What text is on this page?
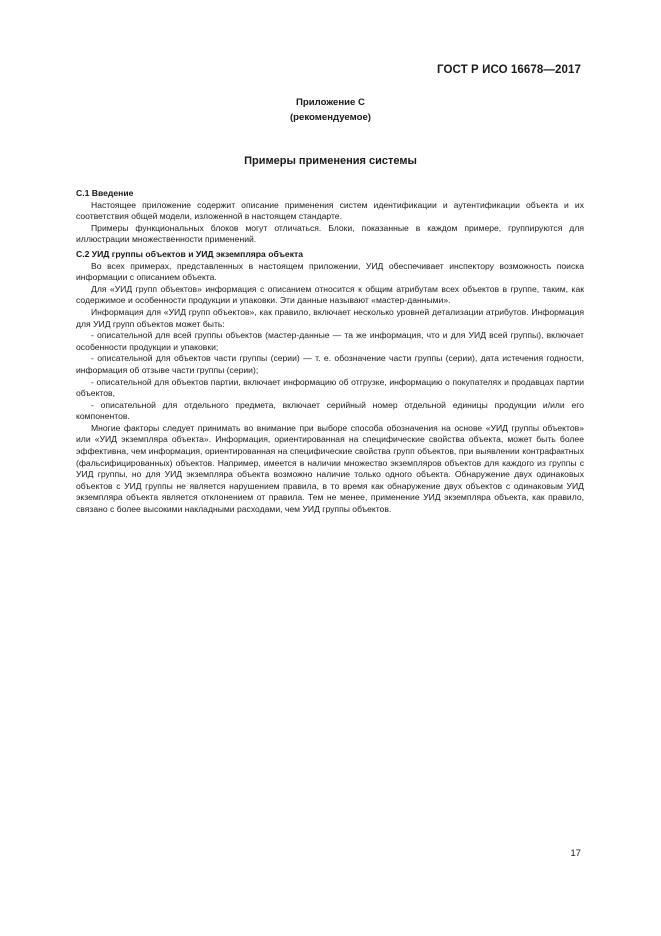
ГОСТ Р ИСО 16678—2017
Приложение С
(рекомендуемое)
Примеры применения системы
С.1 Введение

Настоящее приложение содержит описание применения систем идентификации и аутентификации объекта и их соответствия общей модели, изложенной в настоящем стандарте.

Примеры функциональных блоков могут отличаться. Блоки, показанные в каждом примере, группируются для иллюстрации множественности применений.

С.2 УИД группы объектов и УИД экземпляра объекта

Во всех примерах, представленных в настоящем приложении, УИД обеспечивает инспектору возможность поиска информации с описанием объекта.

Для «УИД групп объектов» информация с описанием относится к общим атрибутам всех объектов в группе, таким, как содержимое и особенности продукции и упаковки. Эти данные называют «мастер-данными».

Информация для «УИД групп объектов», как правило, включает несколько уровней детализации атрибутов. Информация для УИД групп объектов может быть:

- описательной для всей группы объектов (мастер-данные — та же информация, что и для УИД всей группы), включает особенности продукции и упаковки;

- описательной для объектов части группы (серии) — т. е. обозначение части группы (серии), дата истечения годности, информация об отзыве части группы (серии);

- описательной для объектов партии, включает информацию об отгрузке, информацию о покупателях и продавцах партии объектов,

- описательной для отдельного предмета, включает серийный номер отдельной единицы продукции и/или его компонентов.

Многие факторы следует принимать во внимание при выборе способа обозначения на основе «УИД группы объектов» или «УИД экземпляра объекта». Информация, ориентированная на специфические свойства объекта, может быть более эффективна, чем информация, ориентированная на специфические свойства групп объектов, при выявлении контрафактных (фальсифицированных) объектов. Например, имеется в наличии множество экземпляров объектов для каждого из группы с УИД группы, но для УИД экземпляра объекта возможно наличие только одного объекта. Обнаружение двух одинаковых объектов с УИД группы не является нарушением правила, в то время как обнаружение двух объектов с одинаковым УИД экземпляра объекта является отклонением от правила. Тем не менее, применение УИД экземпляра объекта, как правило, связано с более высокими накладными расходами, чем УИД группы объектов.

17
